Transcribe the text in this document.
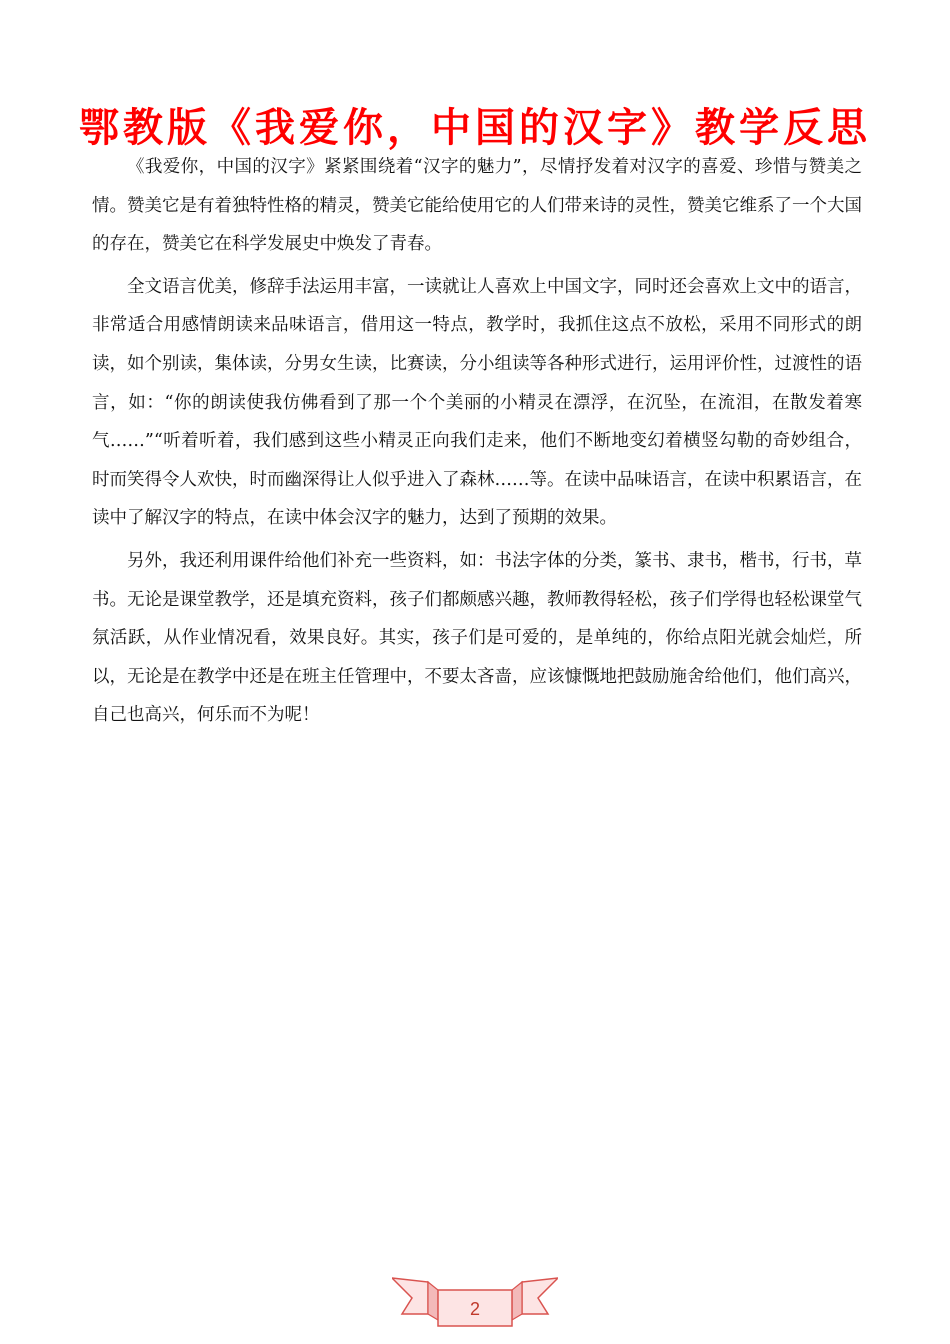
鄂教版《我爱你，中国的汉字》教学反思

《我爱你，中国的汉字》紧紧围绕着“汉字的魅力”，尽情抒发着对汉字的喜爱、珍惜与赞美之情。赞美它是有着独特性格的精灵，赞美它能给使用它的人们带来诗的灵性，赞美它维系了一个大国的存在，赞美它在科学发展史中焕发了青春。

全文语言优美，修辞手法运用丰富，一读就让人喜欢上中国文字，同时还会喜欢上文中的语言，非常适合用感情朗读来品味语言，借用这一特点，教学时，我抓住这点不放松，采用不同形式的朗读，如个别读，集体读，分男女生读，比赛读，分小组读等各种形式进行，运用评价性，过渡性的语言，如：“你的朗读使我仿佛看到了那一个个美丽的小精灵在漂浮，在沉坠，在流泪，在散发着寒气……”“听着听着，我们感到这些小精灵正向我们走来，他们不断地变幻着横竖勾勒的奇妙组合，时而笑得令人欢快，时而幽深得让人似乎进入了森林……等。在读中品味语言，在读中积累语言，在读中了解汉字的特点，在读中体会汉字的魅力，达到了预期的效果。

另外，我还利用课件给他们补充一些资料，如：书法字体的分类，篆书、隶书，楷书，行书，草书。无论是课堂教学，还是填充资料，孩子们都颇感兴趣，教师教得轻松，孩子们学得也轻松课堂气氛活跃，从作业情况看，效果良好。其实，孩子们是可爱的，是单纯的，你给点阳光就会灿烂，所以，无论是在教学中还是在班主任管理中，不要太吝啬，应该慷慨地把鼓励施舍给他们，他们高兴，自己也高兴，何乐而不为呢！

2
